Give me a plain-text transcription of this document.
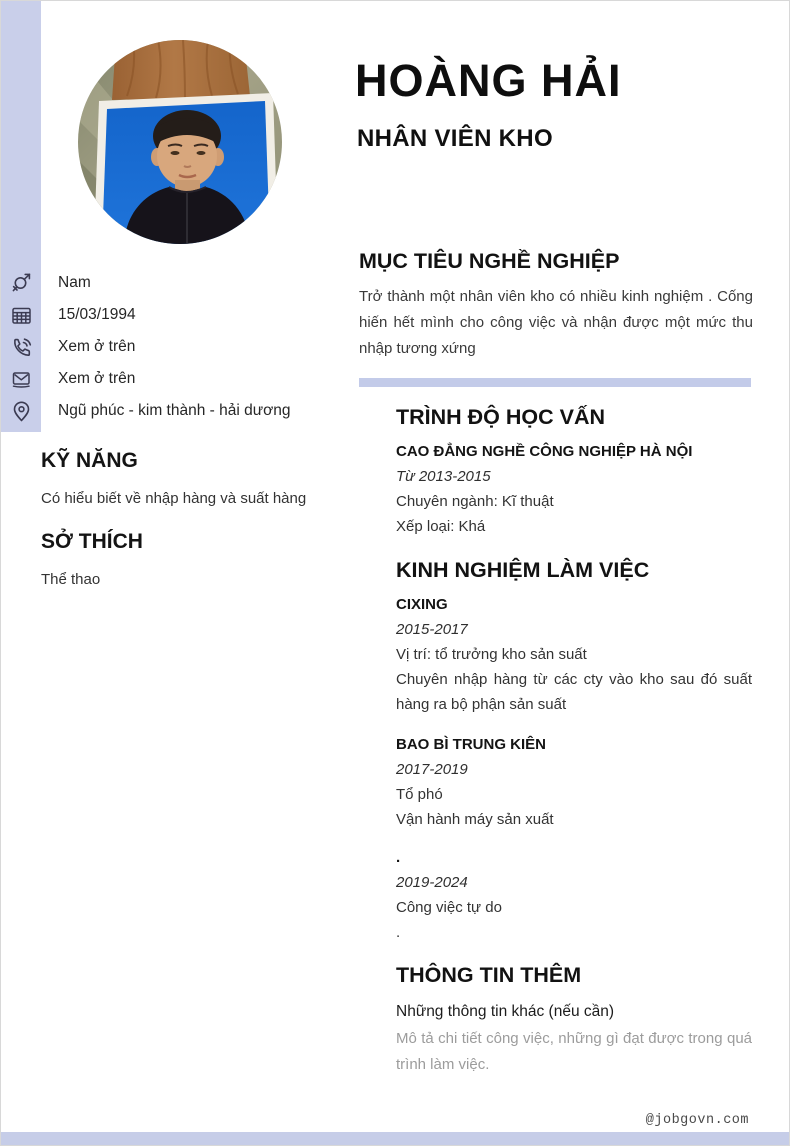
Nam
15/03/1994
Xem ở trên
Xem ở trên
Ngũ phúc - kim thành - hải dương
KỸ NĂNG
Có hiểu biết về nhập hàng và suất hàng
SỞ THÍCH
Thể thao
HOÀNG HẢI
NHÂN VIÊN KHO
MỤC TIÊU NGHỀ NGHIỆP
Trở thành một nhân viên kho có nhiều kinh nghiệm . Cống hiến hết mình cho công việc và nhận được một mức thu nhập tương xứng
TRÌNH ĐỘ HỌC VẤN
CAO ĐẲNG NGHỀ CÔNG NGHIỆP HÀ NỘI
Từ 2013-2015
Chuyên ngành: Kĩ thuật
Xếp loại: Khá
KINH NGHIỆM LÀM VIỆC
CIXING
2015-2017
Vị trí: tổ trưởng kho sản suất
Chuyên nhập hàng từ các cty vào kho sau đó suất hàng ra bộ phận sản suất
BAO BÌ TRUNG KIÊN
2017-2019
Tổ phó
Vận hành máy sản xuất
.
2019-2024
Công việc tự do
.
THÔNG TIN THÊM
Những thông tin khác (nếu cần)
Mô tả chi tiết công việc, những gì đạt được trong quá trình làm việc.
@jobgovn.com
